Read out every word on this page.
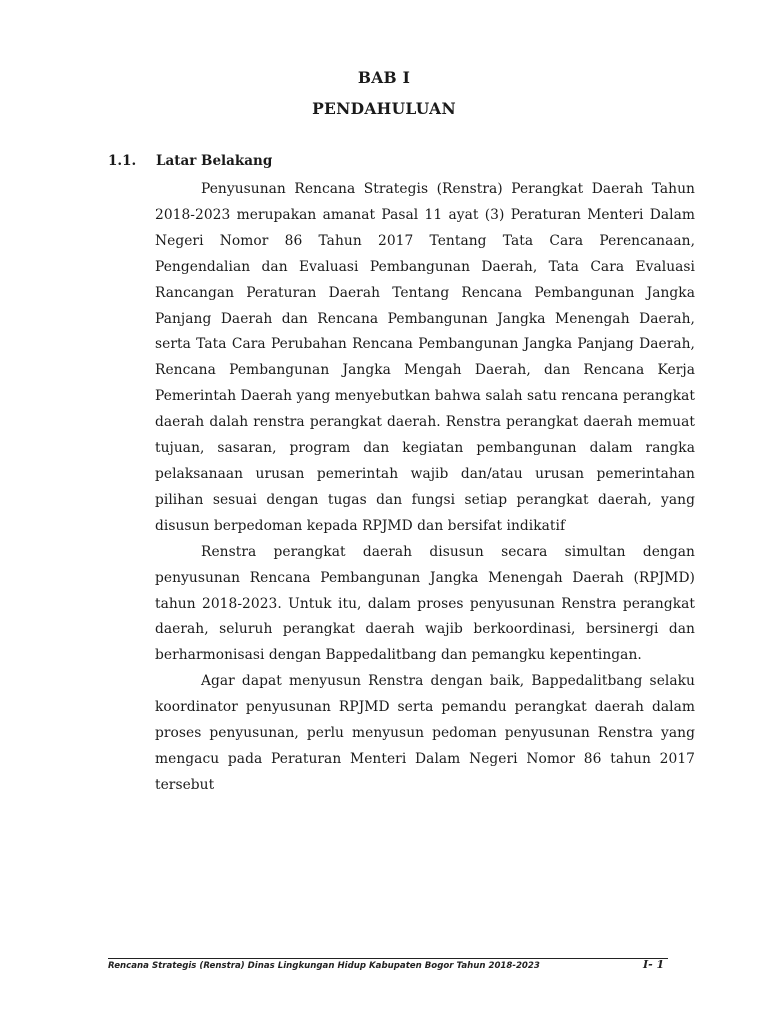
BAB I
PENDAHULUAN
1.1. Latar Belakang

Penyusunan Rencana Strategis (Renstra) Perangkat Daerah Tahun 2018-2023 merupakan amanat Pasal 11 ayat (3) Peraturan Menteri Dalam Negeri Nomor 86 Tahun 2017 Tentang Tata Cara Perencanaan, Pengendalian dan Evaluasi Pembangunan Daerah, Tata Cara Evaluasi Rancangan Peraturan Daerah Tentang Rencana Pembangunan Jangka Panjang Daerah dan Rencana Pembangunan Jangka Menengah Daerah, serta Tata Cara Perubahan Rencana Pembangunan Jangka Panjang Daerah, Rencana Pembangunan Jangka Mengah Daerah, dan Rencana Kerja Pemerintah Daerah yang menyebutkan bahwa salah satu rencana perangkat daerah dalah renstra perangkat daerah. Renstra perangkat daerah memuat tujuan, sasaran, program dan kegiatan pembangunan dalam rangka pelaksanaan urusan pemerintah wajib dan/atau urusan pemerintahan pilihan sesuai dengan tugas dan fungsi setiap perangkat daerah, yang disusun berpedoman kepada RPJMD dan bersifat indikatif

Renstra perangkat daerah disusun secara simultan dengan penyusunan Rencana Pembangunan Jangka Menengah Daerah (RPJMD) tahun 2018-2023. Untuk itu, dalam proses penyusunan Renstra perangkat daerah, seluruh perangkat daerah wajib berkoordinasi, bersinergi dan berharmonisasi dengan Bappedalitbang dan pemangku kepentingan.

Agar dapat menyusun Renstra dengan baik, Bappedalitbang selaku koordinator penyusunan RPJMD serta pemandu perangkat daerah dalam proses penyusunan, perlu menyusun pedoman penyusunan Renstra yang mengacu pada Peraturan Menteri Dalam Negeri Nomor 86 tahun 2017 tersebut

Rencana Strategis (Renstra) Dinas Lingkungan Hidup Kabupaten Bogor Tahun 2018-2023	I- 1
